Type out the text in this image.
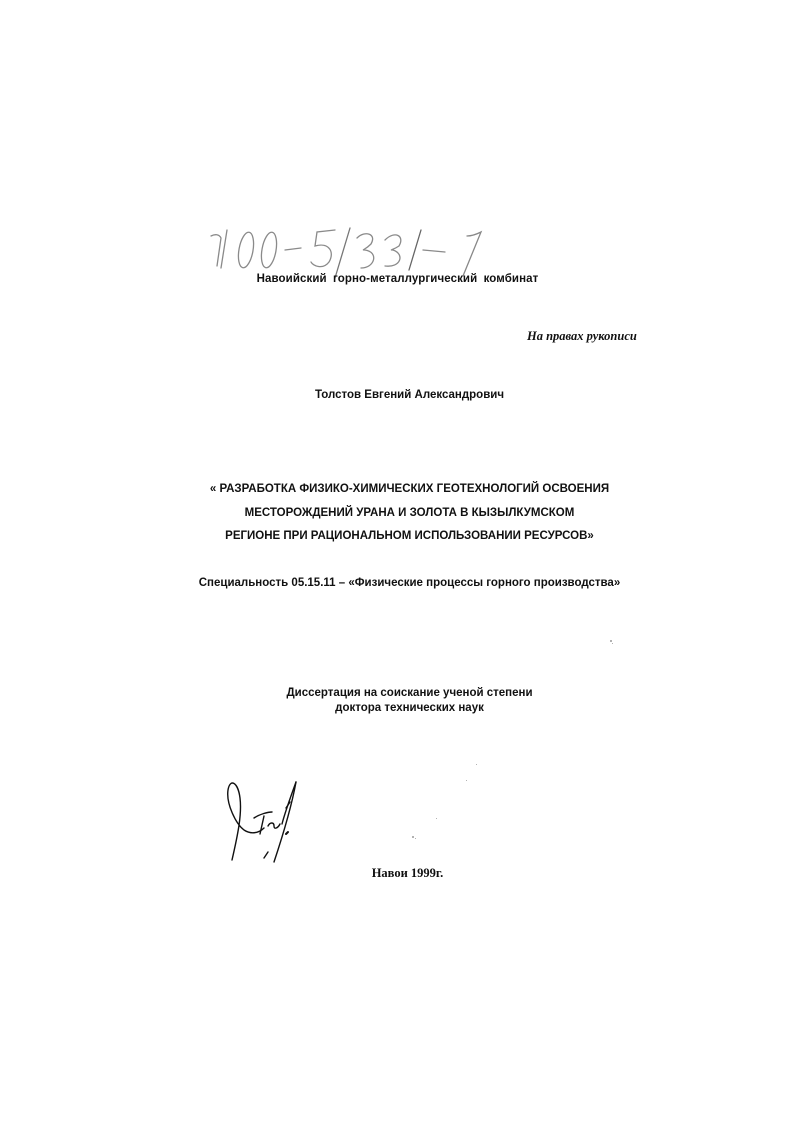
Навоийский горно-металлургический комбинат
На правах рукописи
Толстов Евгений Александрович
« РАЗРАБОТКА ФИЗИКО-ХИМИЧЕСКИХ ГЕОТЕХНОЛОГИЙ ОСВОЕНИЯ
МЕСТОРОЖДЕНИЙ УРАНА И ЗОЛОТА В КЫЗЫЛКУМСКОМ
РЕГИОНЕ ПРИ РАЦИОНАЛЬНОМ ИСПОЛЬЗОВАНИИ РЕСУРСОВ»
Специальность 05.15.11 – «Физические процессы горного производства»
Диссертация на соискание ученой степени
доктора технических наук
Навои 1999г.
